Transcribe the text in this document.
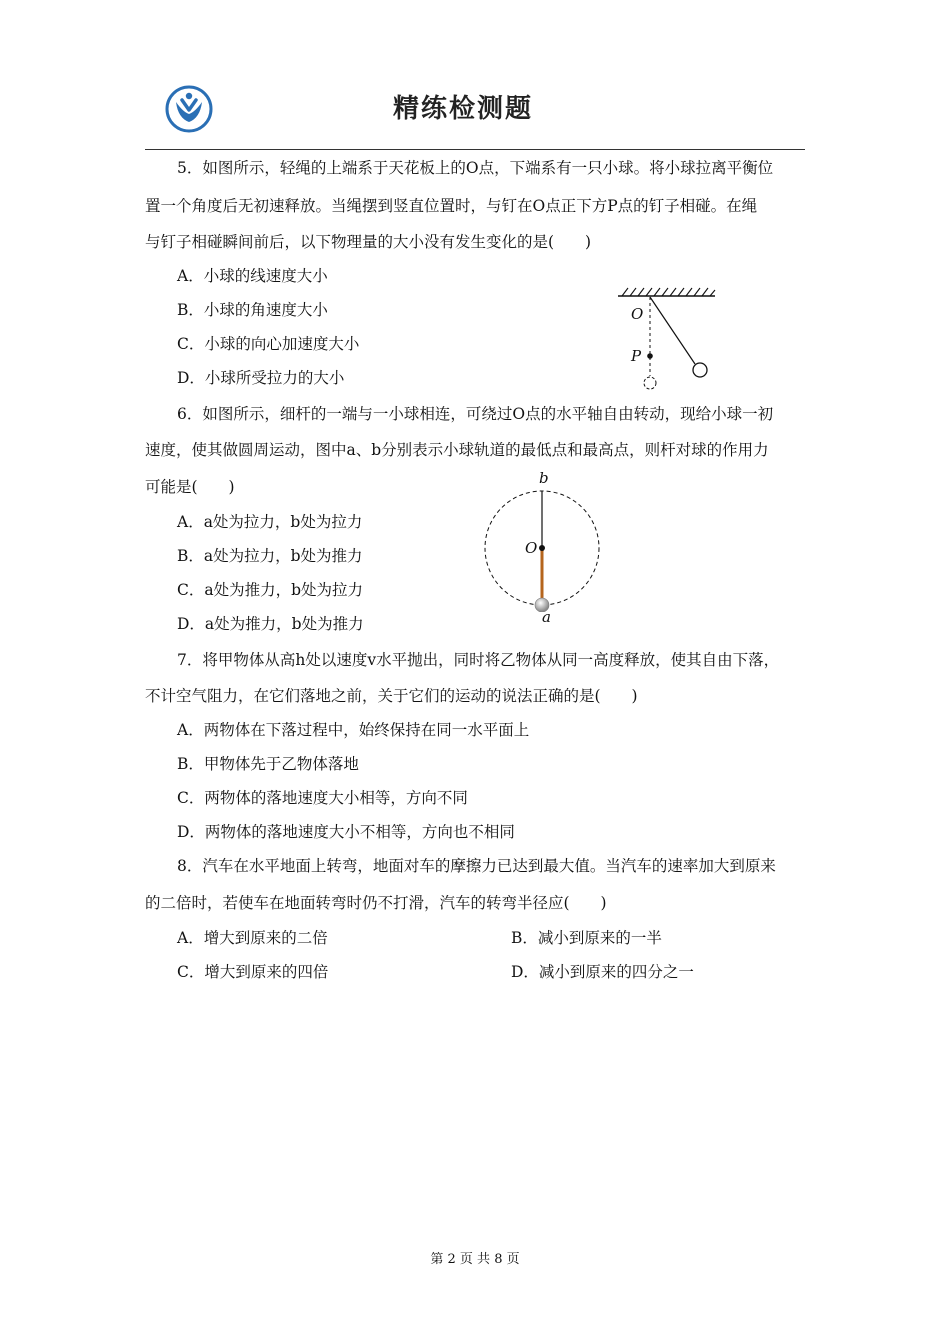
精练检测题
5．如图所示，轻绳的上端系于天花板上的O点，下端系有一只小球。将小球拉离平衡位
置一个角度后无初速释放。当绳摆到竖直位置时，与钉在O点正下方P点的钉子相碰。在绳
与钉子相碰瞬间前后，以下物理量的大小没有发生变化的是(　　)
A．小球的线速度大小
B．小球的角速度大小
C．小球的向心加速度大小
D．小球所受拉力的大小
O
P
6．如图所示，细杆的一端与一小球相连，可绕过O点的水平轴自由转动，现给小球一初
速度，使其做圆周运动，图中a、b分别表示小球轨道的最低点和最高点，则杆对球的作用力
可能是(　　)
A．a处为拉力，b处为拉力
B．a处为拉力，b处为推力
C．a处为推力，b处为拉力
D．a处为推力，b处为推力
b
O
a
7．将甲物体从高h处以速度v水平抛出，同时将乙物体从同一高度释放，使其自由下落，
不计空气阻力，在它们落地之前，关于它们的运动的说法正确的是(　　)
A．两物体在下落过程中，始终保持在同一水平面上
B．甲物体先于乙物体落地
C．两物体的落地速度大小相等，方向不同
D．两物体的落地速度大小不相等，方向也不相同
8．汽车在水平地面上转弯，地面对车的摩擦力已达到最大值。当汽车的速率加大到原来
的二倍时，若使车在地面转弯时仍不打滑，汽车的转弯半径应(　　)
A．增大到原来的二倍	B．减小到原来的一半
C．增大到原来的四倍	D．减小到原来的四分之一
第 2 页 共 8 页
